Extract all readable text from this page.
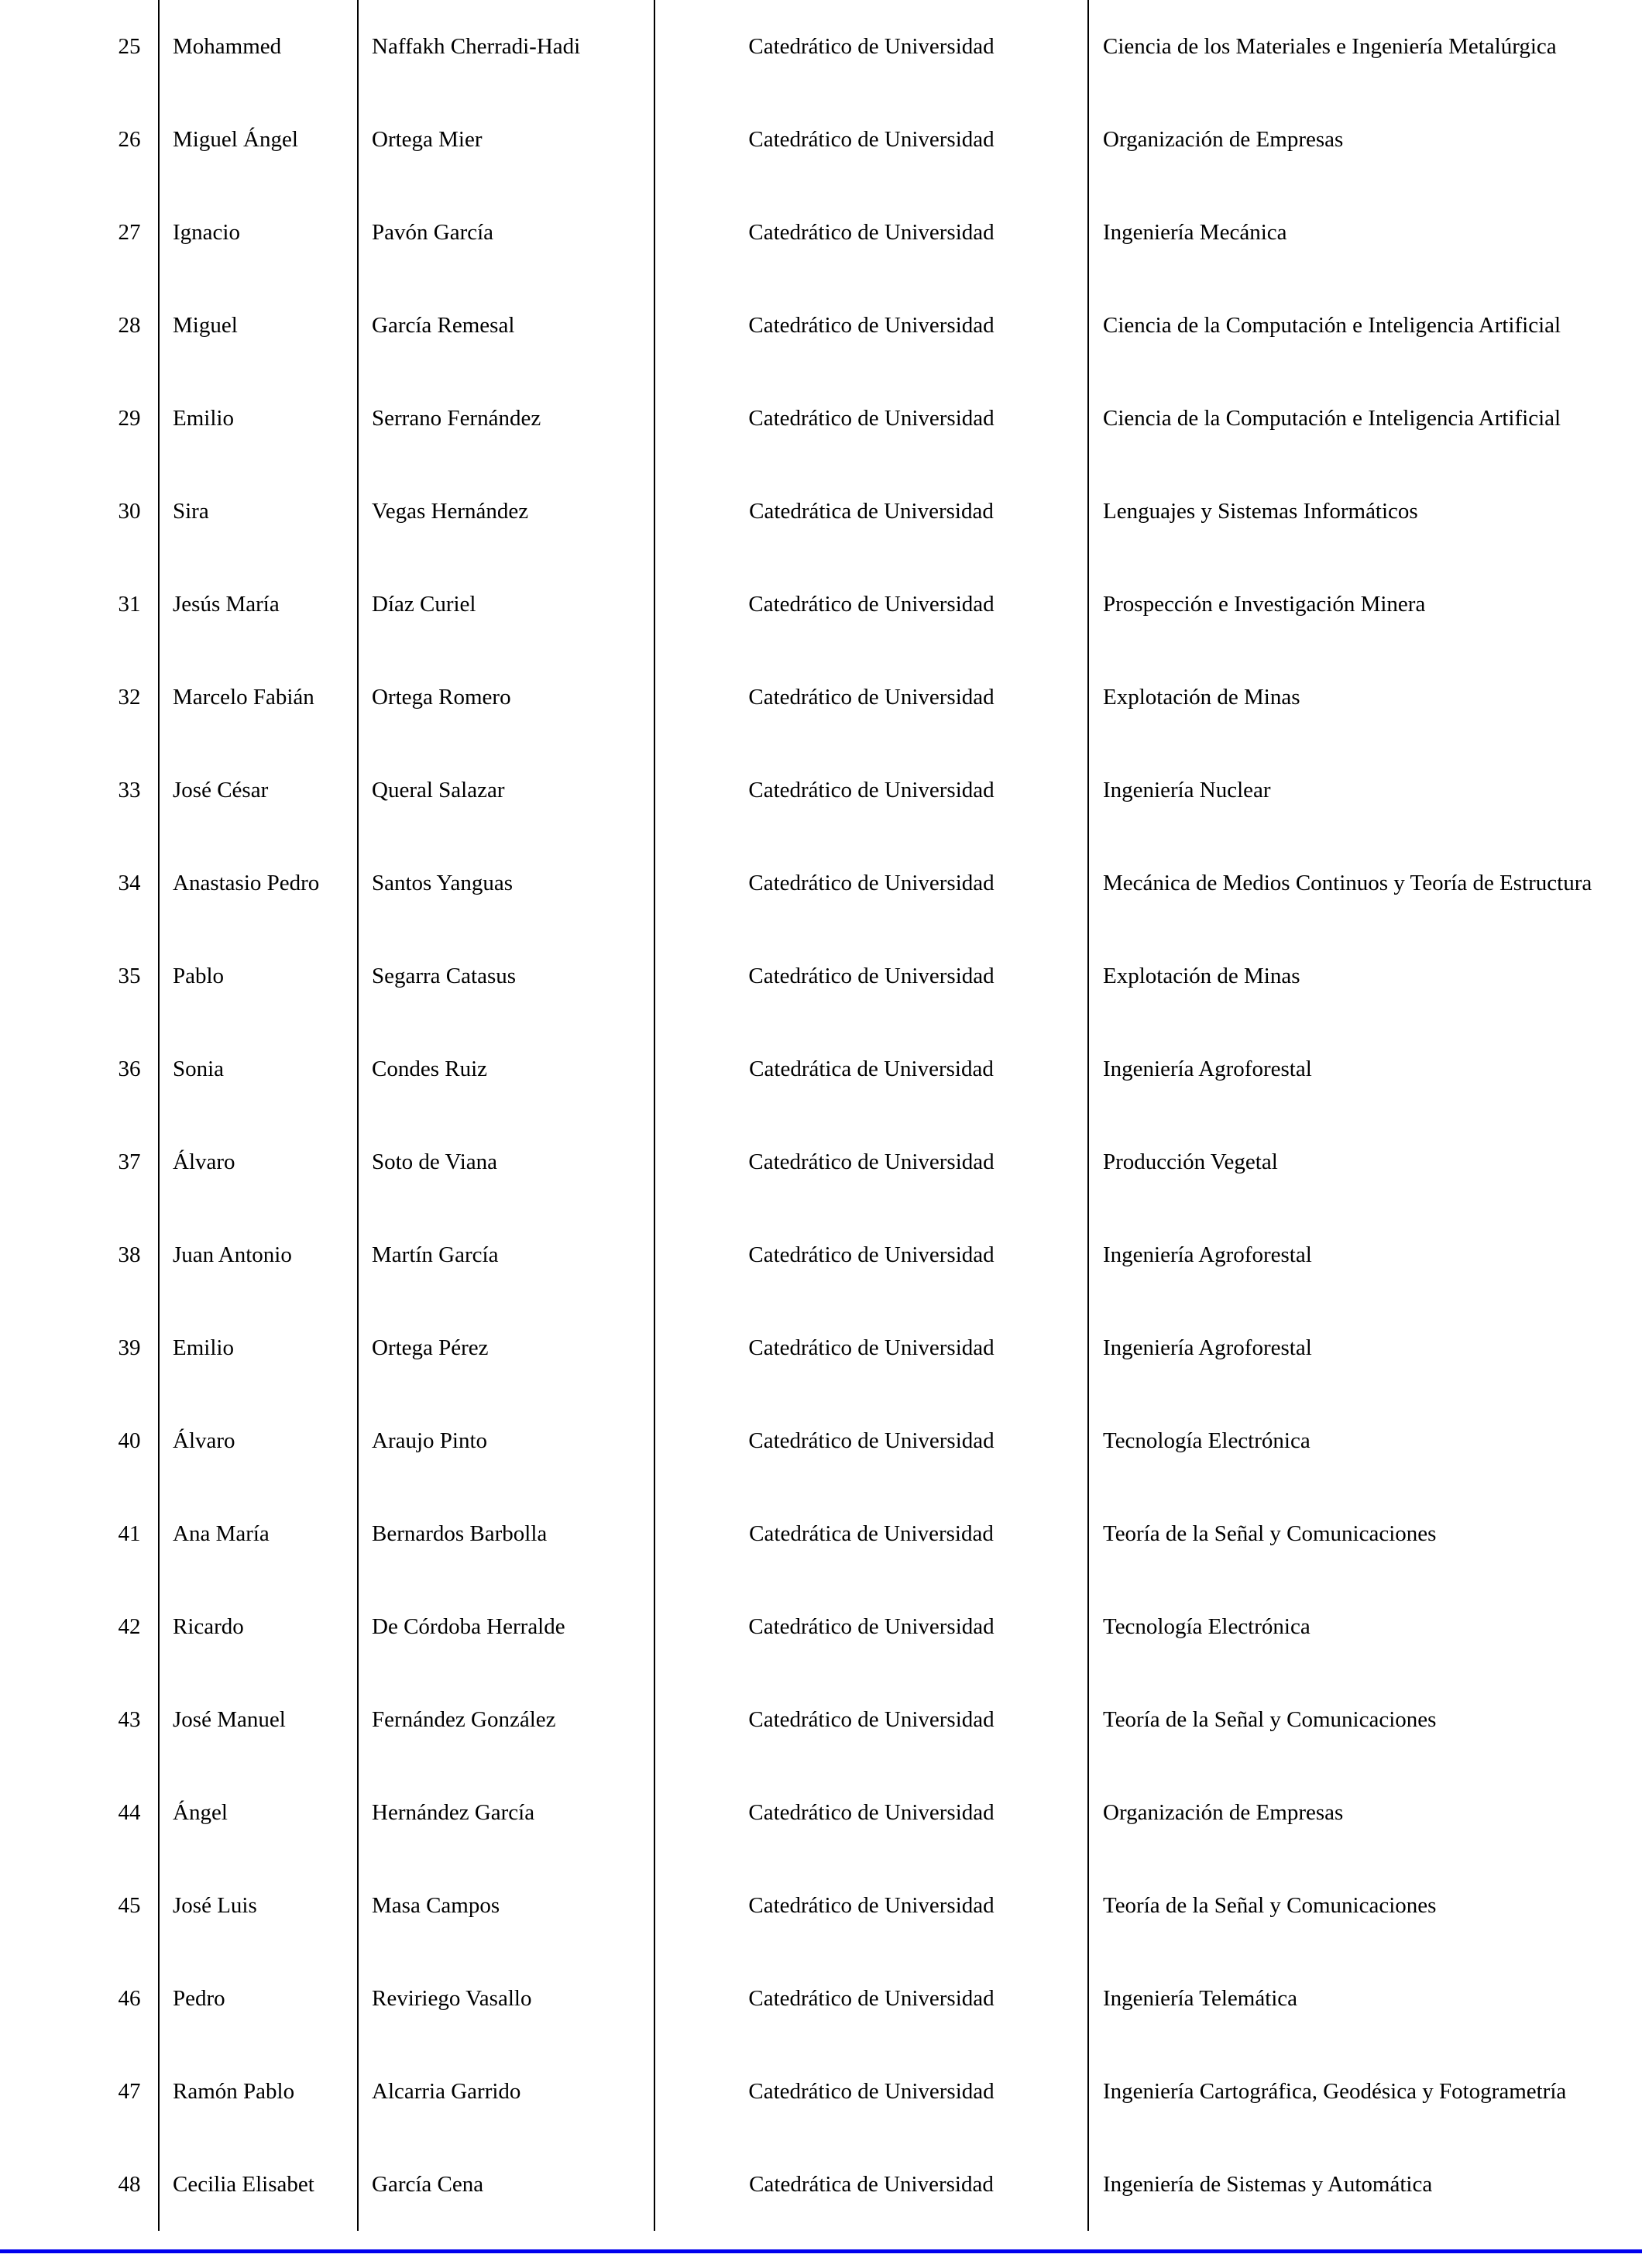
25	Mohammed	Naffakh Cherradi-Hadi	Catedrático de Universidad	Ciencia de los Materiales e Ingeniería Metalúrgica
26	Miguel Ángel	Ortega Mier	Catedrático de Universidad	Organización de Empresas
27	Ignacio	Pavón García	Catedrático de Universidad	Ingeniería Mecánica
28	Miguel	García Remesal	Catedrático de Universidad	Ciencia de la Computación e Inteligencia Artificial
29	Emilio	Serrano Fernández	Catedrático de Universidad	Ciencia de la Computación e Inteligencia Artificial
30	Sira	Vegas Hernández	Catedrática de Universidad	Lenguajes y Sistemas Informáticos
31	Jesús María	Díaz Curiel	Catedrático de Universidad	Prospección e Investigación Minera
32	Marcelo Fabián	Ortega Romero	Catedrático de Universidad	Explotación de Minas
33	José César	Queral Salazar	Catedrático de Universidad	Ingeniería Nuclear
34	Anastasio Pedro	Santos Yanguas	Catedrático de Universidad	Mecánica de Medios Continuos y Teoría de Estructura
35	Pablo	Segarra Catasus	Catedrático de Universidad	Explotación de Minas
36	Sonia	Condes Ruiz	Catedrática de Universidad	Ingeniería Agroforestal
37	Álvaro	Soto de Viana	Catedrático de Universidad	Producción Vegetal
38	Juan Antonio	Martín García	Catedrático de Universidad	Ingeniería Agroforestal
39	Emilio	Ortega Pérez	Catedrático de Universidad	Ingeniería Agroforestal
40	Álvaro	Araujo Pinto	Catedrático de Universidad	Tecnología Electrónica
41	Ana María	Bernardos Barbolla	Catedrática de Universidad	Teoría de la Señal y Comunicaciones
42	Ricardo	De Córdoba Herralde	Catedrático de Universidad	Tecnología Electrónica
43	José Manuel	Fernández González	Catedrático de Universidad	Teoría de la Señal y Comunicaciones
44	Ángel	Hernández García	Catedrático de Universidad	Organización de Empresas
45	José Luis	Masa Campos	Catedrático de Universidad	Teoría de la Señal y Comunicaciones
46	Pedro	Reviriego Vasallo	Catedrático de Universidad	Ingeniería Telemática
47	Ramón Pablo	Alcarria Garrido	Catedrático de Universidad	Ingeniería Cartográfica, Geodésica y Fotogrametría
48	Cecilia Elisabet	García Cena	Catedrática de Universidad	Ingeniería de Sistemas y Automática
